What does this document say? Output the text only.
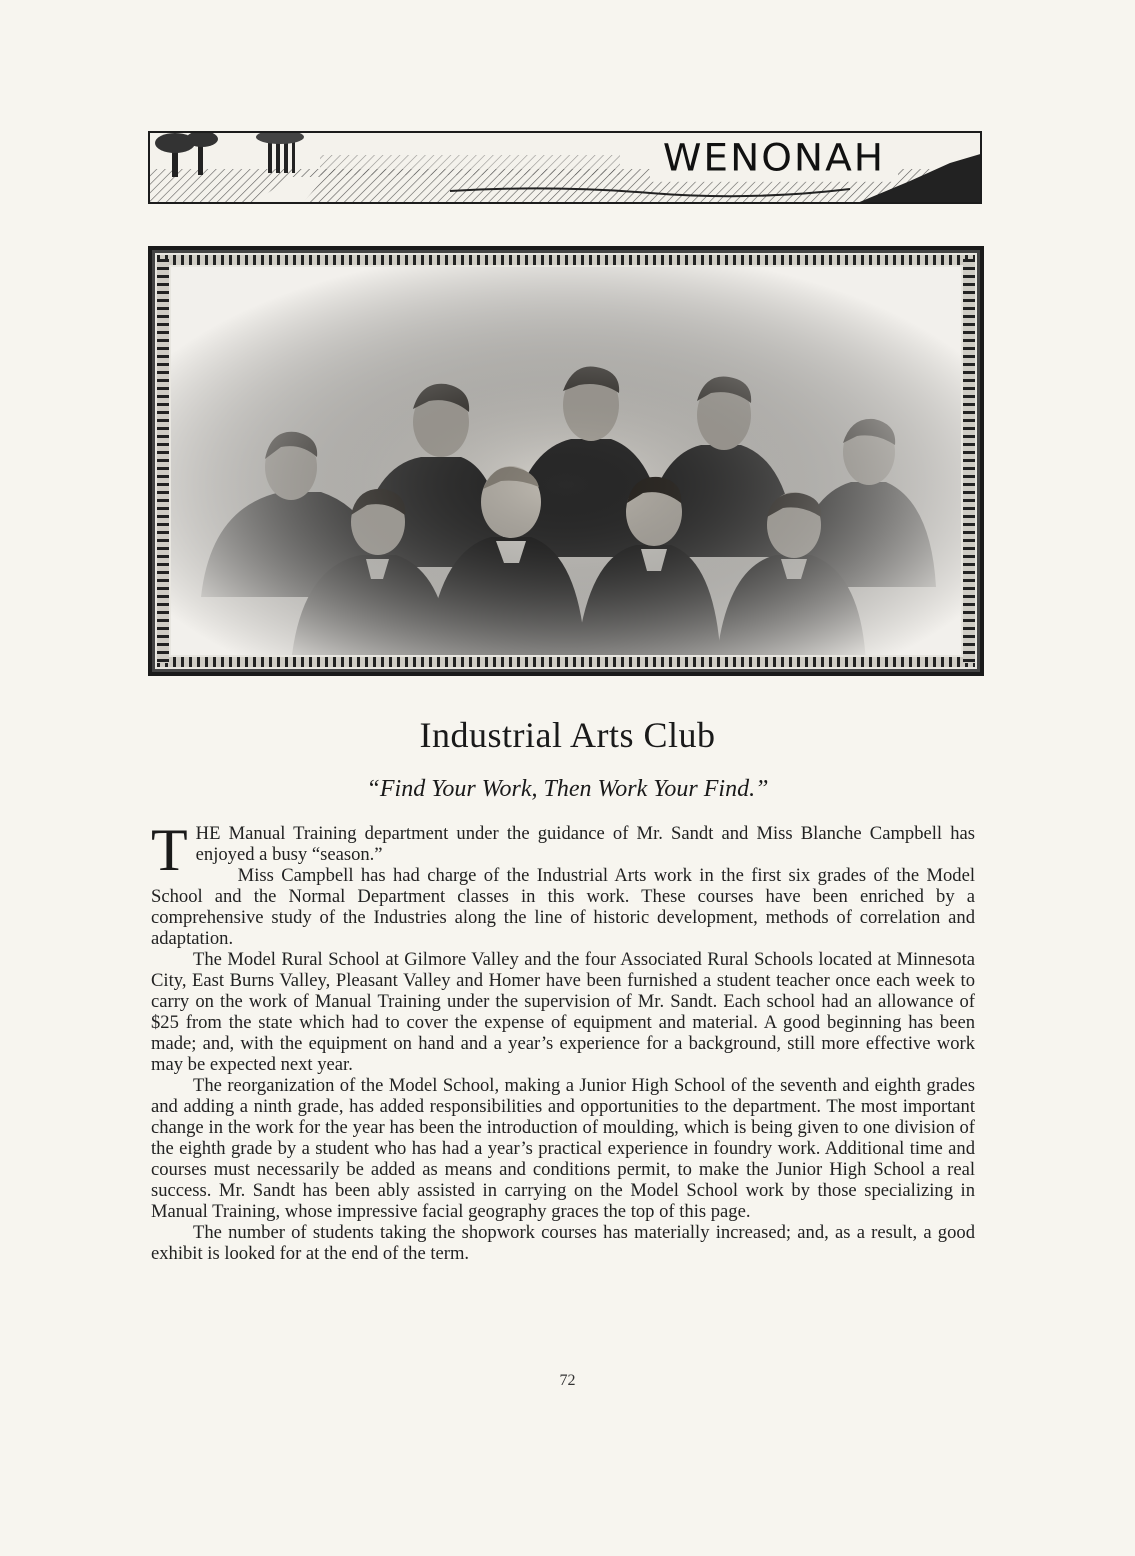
WENONAH
Industrial Arts Club
“Find Your Work, Then Work Your Find.”

THE Manual Training department under the guidance of Mr. Sandt and Miss Blanche Campbell has enjoyed a busy “season.”

Miss Campbell has had charge of the Industrial Arts work in the first six grades of the Model School and the Normal Department classes in this work. These courses have been enriched by a comprehensive study of the Industries along the line of historic development, methods of correlation and adaptation.

The Model Rural School at Gilmore Valley and the four Associated Rural Schools located at Minnesota City, East Burns Valley, Pleasant Valley and Homer have been furnished a student teacher once each week to carry on the work of Manual Training under the supervision of Mr. Sandt. Each school had an allowance of $25 from the state which had to cover the expense of equipment and material. A good beginning has been made; and, with the equipment on hand and a year’s experience for a background, still more effective work may be expected next year.

The reorganization of the Model School, making a Junior High School of the seventh and eighth grades and adding a ninth grade, has added responsibilities and opportunities to the department. The most important change in the work for the year has been the introduction of moulding, which is being given to one division of the eighth grade by a student who has had a year’s practical experience in foundry work. Additional time and courses must necessarily be added as means and conditions permit, to make the Junior High School a real success. Mr. Sandt has been ably assisted in carrying on the Model School work by those specializing in Manual Training, whose impressive facial geography graces the top of this page.

The number of students taking the shopwork courses has materially increased; and, as a result, a good exhibit is looked for at the end of the term.

72
